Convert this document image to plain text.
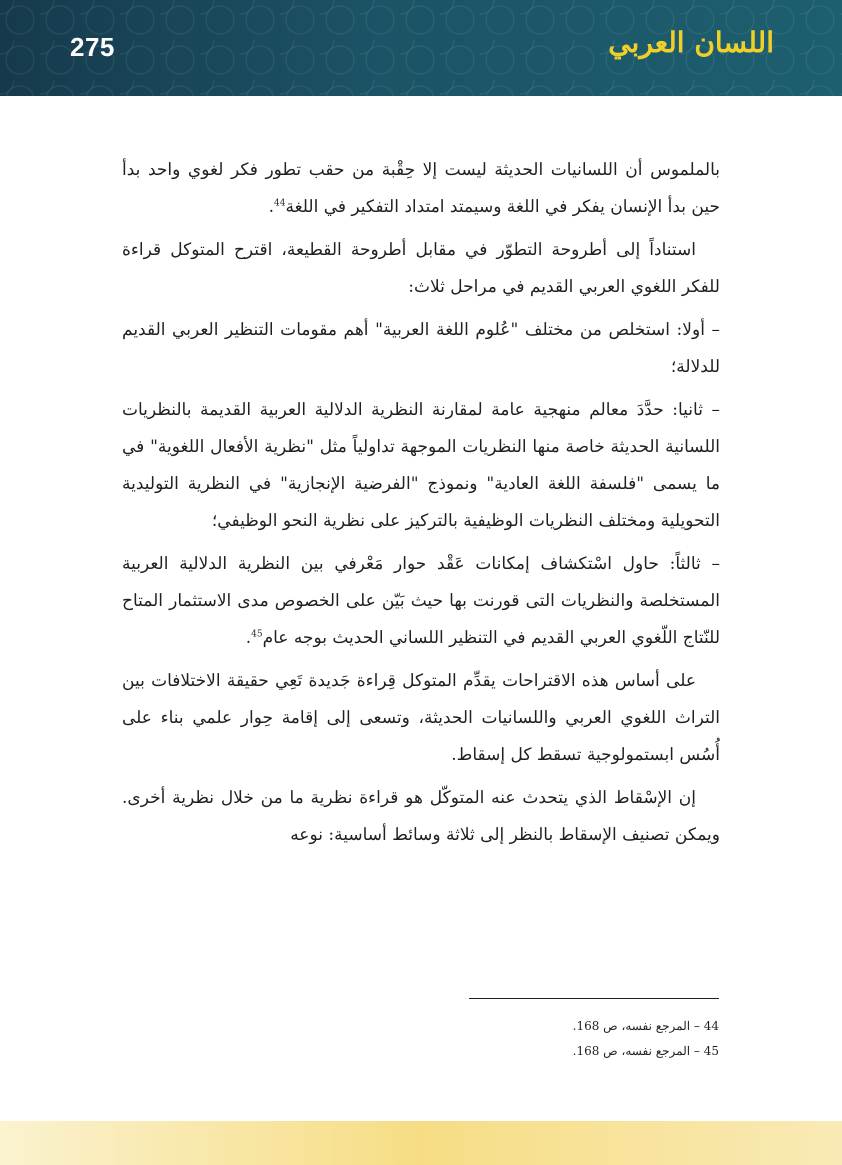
275	اللسان العربي

بالملموس أن اللسانيات الحديثة ليست إلا حِقْبة من حقب تطور فكر لغوي واحد بدأ حين بدأ الإنسان يفكر في اللغة وسيمتد امتداد التفكير في اللغة$^{44}$.

استناداً إلى أطروحة التطوّر في مقابل أطروحة القطيعة، اقترح المتوكل قراءة للفكر اللغوي العربي القديم في مراحل ثلاث:

– أولا: استخلص من مختلف "عُلوم اللغة العربية" أهم مقومات التنظير العربي القديم للدلالة؛

– ثانيا: حدَّدَ معالم منهجية عامة لمقارنة النظرية الدلالية العربية القديمة بالنظريات اللسانية الحديثة خاصة منها النظريات الموجهة تداولياً مثل "نظرية الأفعال اللغوية" في ما يسمى "فلسفة اللغة العادية" ونموذج "الفرضية الإنجازية" في النظرية التوليدية التحويلية ومختلف النظريات الوظيفية بالتركيز على نظرية النحو الوظيفي؛

– ثالثاً: حاول اسْتكشاف إمكانات عَقْد حوار مَعْرفي بين النظرية الدلالية العربية المستخلصة والنظريات التى قورنت بها حيث بَيّن على الخصوص مدى الاستثمار المتاح للنّتاج اللّغوي العربي القديم في التنظير اللساني الحديث بوجه عام$^{45}$.

على أساس هذه الاقتراحات يقدِّم المتوكل قِراءة جَديدة تَعِي حقيقة الاختلافات بين التراث اللغوي العربي واللسانيات الحديثة، وتسعى إلى إقامة حِوار علمي بناء على أُسُس ابستمولوجية تسقط كل إسقاط.

إن الإسْقاط الذي يتحدث عنه المتوكّل هو قراءة نظرية ما من خلال نظرية أخرى. ويمكن تصنيف الإسقاط بالنظر إلى ثلاثة وسائط أساسية: نوعه

44 – المرجع نفسه، ص 168.

45 – المرجع نفسه، ص 168.
